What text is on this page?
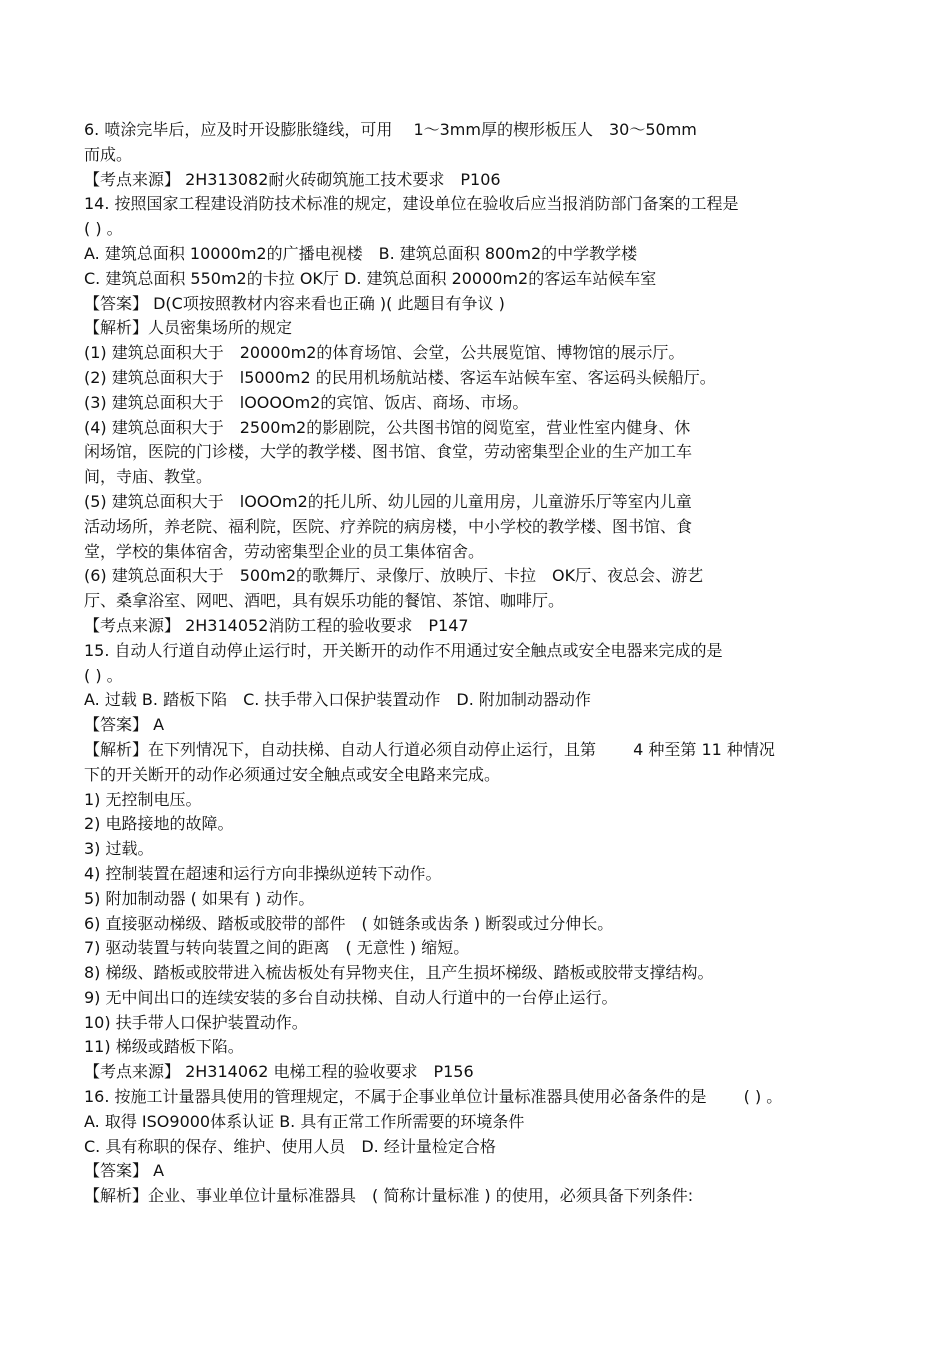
6. 喷涂完毕后，应及时开设膨胀缝线，可用　 1～3mm厚的楔形板压人　30～50mm
而成。
【考点来源】 2H313082耐火砖砌筑施工技术要求　P106
14. 按照国家工程建设消防技术标准的规定，建设单位在验收后应当报消防部门备案的工程是
( ) 。
A. 建筑总面积 10000m2的广播电视楼　B. 建筑总面积 800m2的中学教学楼
C. 建筑总面积 550m2的卡拉 OK厅 D. 建筑总面积 20000m2的客运车站候车室
【答案】 D(C项按照教材内容来看也正确 )( 此题目有争议 )
【解析】人员密集场所的规定
(1) 建筑总面积大于　20000m2的体育场馆、会堂，公共展览馆、博物馆的展示厅。
(2) 建筑总面积大于　l5000m2 的民用机场航站楼、客运车站候车室、客运码头候船厅。
(3) 建筑总面积大于　lOOOOm2的宾馆、饭店、商场、市场。
(4) 建筑总面积大于　2500m2的影剧院，公共图书馆的阅览室，营业性室内健身、休
闲场馆，医院的门诊楼，大学的教学楼、图书馆、食堂，劳动密集型企业的生产加工车
间，寺庙、教堂。
(5) 建筑总面积大于　lOOOm2的托儿所、幼儿园的儿童用房，儿童游乐厅等室内儿童
活动场所，养老院、福利院，医院、疗养院的病房楼，中小学校的教学楼、图书馆、食
堂，学校的集体宿舍，劳动密集型企业的员工集体宿舍。
(6) 建筑总面积大于　500m2的歌舞厅、录像厅、放映厅、卡拉　OK厅、夜总会、游艺
厅、桑拿浴室、网吧、酒吧，具有娱乐功能的餐馆、茶馆、咖啡厅。
【考点来源】 2H314052消防工程的验收要求　P147
15. 自动人行道自动停止运行时，开关断开的动作不用通过安全触点或安全电器来完成的是
( ) 。
A. 过载 B. 踏板下陷　C. 扶手带入口保护装置动作　D. 附加制动器动作
【答案】 A
【解析】在下列情况下，自动扶梯、自动人行道必须自动停止运行，且第　　 4 种至第 11 种情况
下的开关断开的动作必须通过安全触点或安全电路来完成。
1) 无控制电压。
2) 电路接地的故障。
3) 过载。
4) 控制装置在超速和运行方向非操纵逆转下动作。
5) 附加制动器 ( 如果有 ) 动作。
6) 直接驱动梯级、踏板或胶带的部件　( 如链条或齿条 ) 断裂或过分伸长。
7) 驱动装置与转向装置之间的距离　( 无意性 ) 缩短。
8) 梯级、踏板或胶带进入梳齿板处有异物夹住，且产生损坏梯级、踏板或胶带支撑结构。
9) 无中间出口的连续安装的多台自动扶梯、自动人行道中的一台停止运行。
10) 扶手带人口保护装置动作。
11) 梯级或踏板下陷。
【考点来源】 2H314062 电梯工程的验收要求　P156
16. 按施工计量器具使用的管理规定，不属于企事业单位计量标准器具使用必备条件的是　　 ( ) 。
A. 取得 ISO9000体系认证 B. 具有正常工作所需要的环境条件
C. 具有称职的保存、维护、使用人员　D. 经计量检定合格
【答案】 A
【解析】企业、事业单位计量标准器具　( 简称计量标准 ) 的使用，必须具备下列条件:
